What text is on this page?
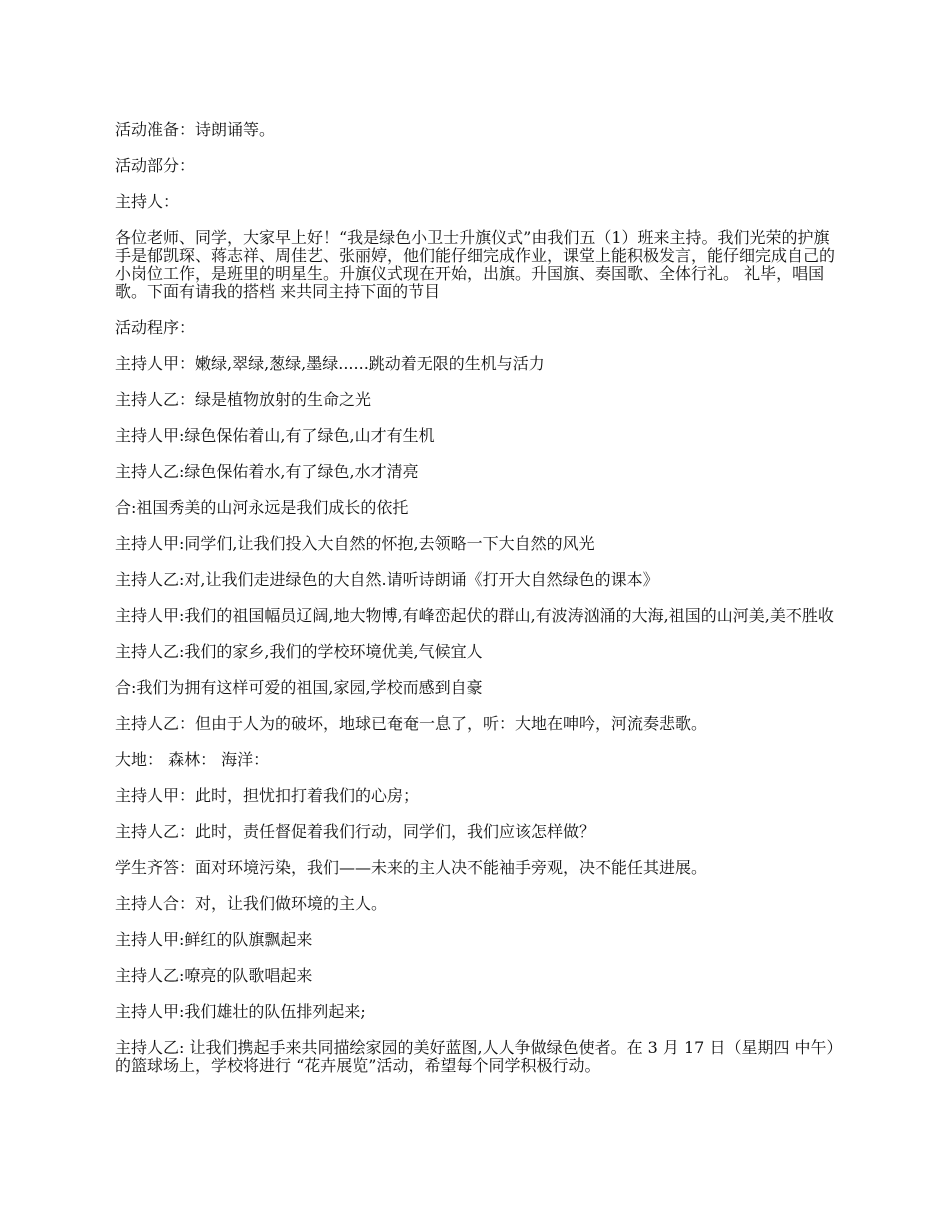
活动准备：诗朗诵等。

活动部分：

主持人：

各位老师、同学，大家早上好！“我是绿色小卫士升旗仪式”由我们五（1）班来主持。我们光荣的护旗手是郁凯琛、蒋志祥、周佳艺、张丽婷，他们能仔细完成作业，课堂上能积极发言，能仔细完成自己的小岗位工作，是班里的明星生。升旗仪式现在开始，出旗。升国旗、奏国歌、全体行礼。 礼毕，唱国歌。下面有请我的搭档 来共同主持下面的节目

活动程序：

主持人甲：嫩绿,翠绿,葱绿,墨绿......跳动着无限的生机与活力

主持人乙：绿是植物放射的生命之光

主持人甲:绿色保佑着山,有了绿色,山才有生机

主持人乙:绿色保佑着水,有了绿色,水才清亮

合:祖国秀美的山河永远是我们成长的依托

主持人甲:同学们,让我们投入大自然的怀抱,去领略一下大自然的风光

主持人乙:对,让我们走进绿色的大自然.请听诗朗诵《打开大自然绿色的课本》

主持人甲:我们的祖国幅员辽阔,地大物博,有峰峦起伏的群山,有波涛汹涌的大海,祖国的山河美,美不胜收

主持人乙:我们的家乡,我们的学校环境优美,气候宜人

合:我们为拥有这样可爱的祖国,家园,学校而感到自豪

主持人乙：但由于人为的破坏，地球已奄奄一息了，听：大地在呻吟，河流奏悲歌。

大地： 森林： 海洋：

主持人甲：此时，担忧扣打着我们的心房；

主持人乙：此时，责任督促着我们行动，同学们，我们应该怎样做？

学生齐答：面对环境污染，我们——未来的主人决不能袖手旁观，决不能任其进展。

主持人合：对，让我们做环境的主人。

主持人甲:鲜红的队旗飘起来

主持人乙:嘹亮的队歌唱起来

主持人甲:我们雄壮的队伍排列起来;

主持人乙: 让我们携起手来共同描绘家园的美好蓝图,人人争做绿色使者。在 3 月 17 日（星期四 中午）的篮球场上，学校将进行 “花卉展览”活动，希望每个同学积极行动。
